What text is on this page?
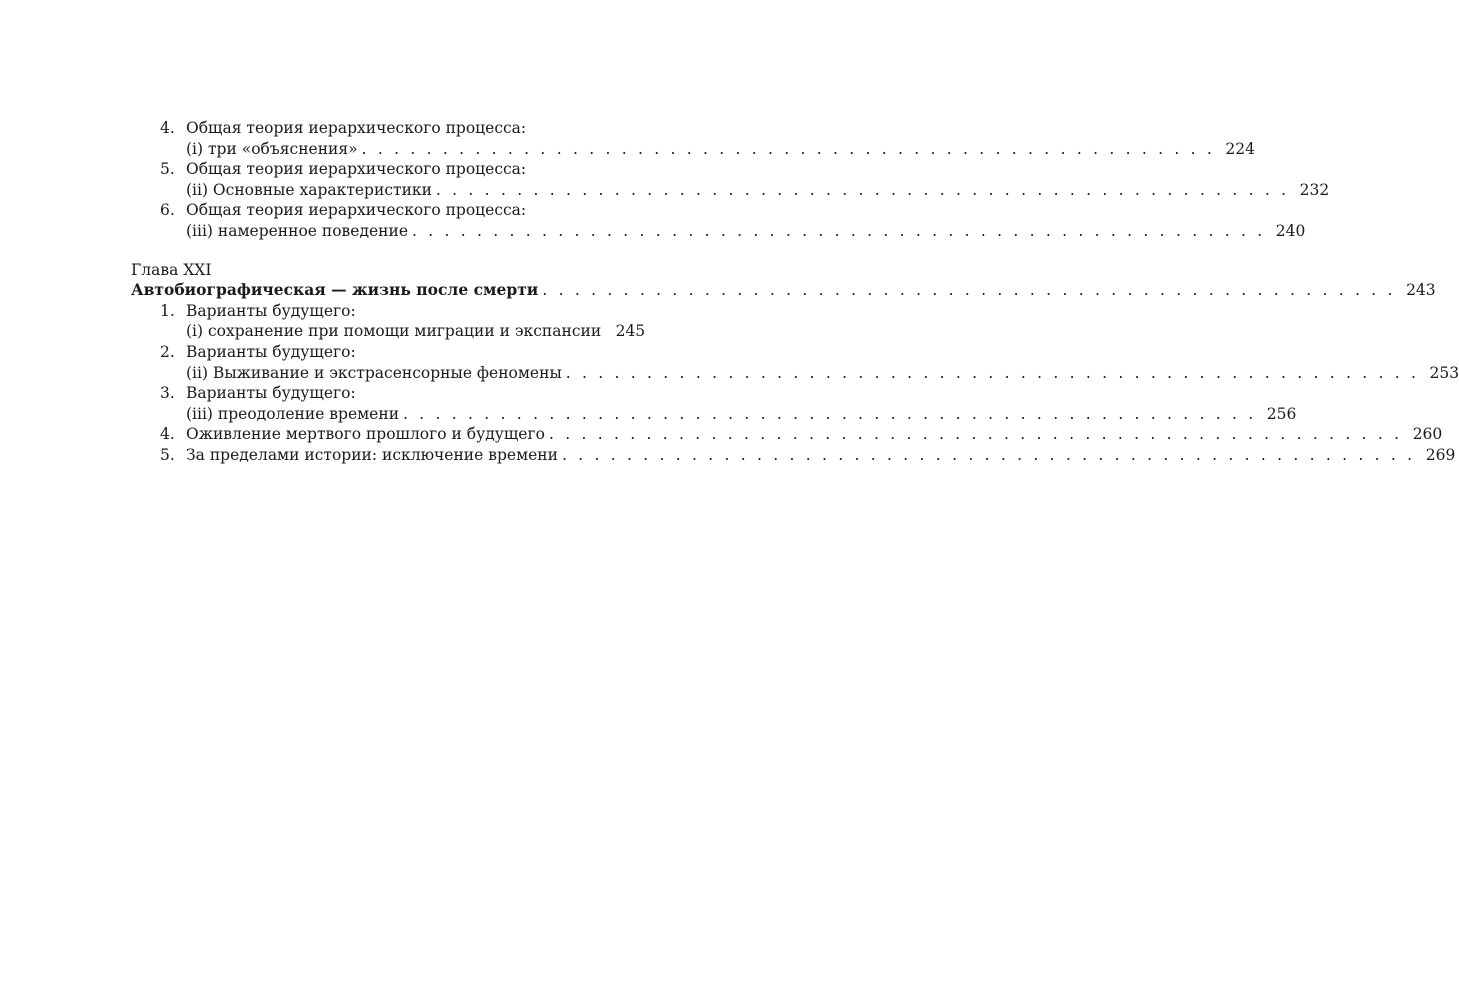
4. Общая теория иерархического процесса:
(i) три «объяснения» . . . . . . . . . . . . . . . . . . . . . . . . . . . . . . . . . . . . . . . . . . . . . . . . . . . . . 224
5. Общая теория иерархического процесса:
(ii) Основные характеристики . . . . . . . . . . . . . . . . . . . . . . . . . . . . . . . . . . . . . . . . . . . . . . . . . . . . . 232
6. Общая теория иерархического процесса:
(iii) намеренное поведение . . . . . . . . . . . . . . . . . . . . . . . . . . . . . . . . . . . . . . . . . . . . . . . . . . . . . 240
Глава XXI
Автобиографическая — жизнь после смерти . . . . . . . . . . . . . . . . . . . . . . . . . . . . . . . . . . . . . . . . . . . . . . . . . . . . . 243
1. Варианты будущего:
(i) сохранение при помощи миграции и экспансии 245
2. Варианты будущего:
(ii) Выживание и экстрасенсорные феномены . . . . . . . . . . . . . . . . . . . . . . . . . . . . . . . . . . . . . . . . . . . . . . . . . . . . . 253
3. Варианты будущего:
(iii) преодоление времени . . . . . . . . . . . . . . . . . . . . . . . . . . . . . . . . . . . . . . . . . . . . . . . . . . . . . 256
4. Оживление мертвого прошлого и будущего . . . . . . . . . . . . . . . . . . . . . . . . . . . . . . . . . . . . . . . . . . . . . . . . . . . . . 260
5. За пределами истории: исключение времени . . . . . . . . . . . . . . . . . . . . . . . . . . . . . . . . . . . . . . . . . . . . . . . . . . . . . 269
